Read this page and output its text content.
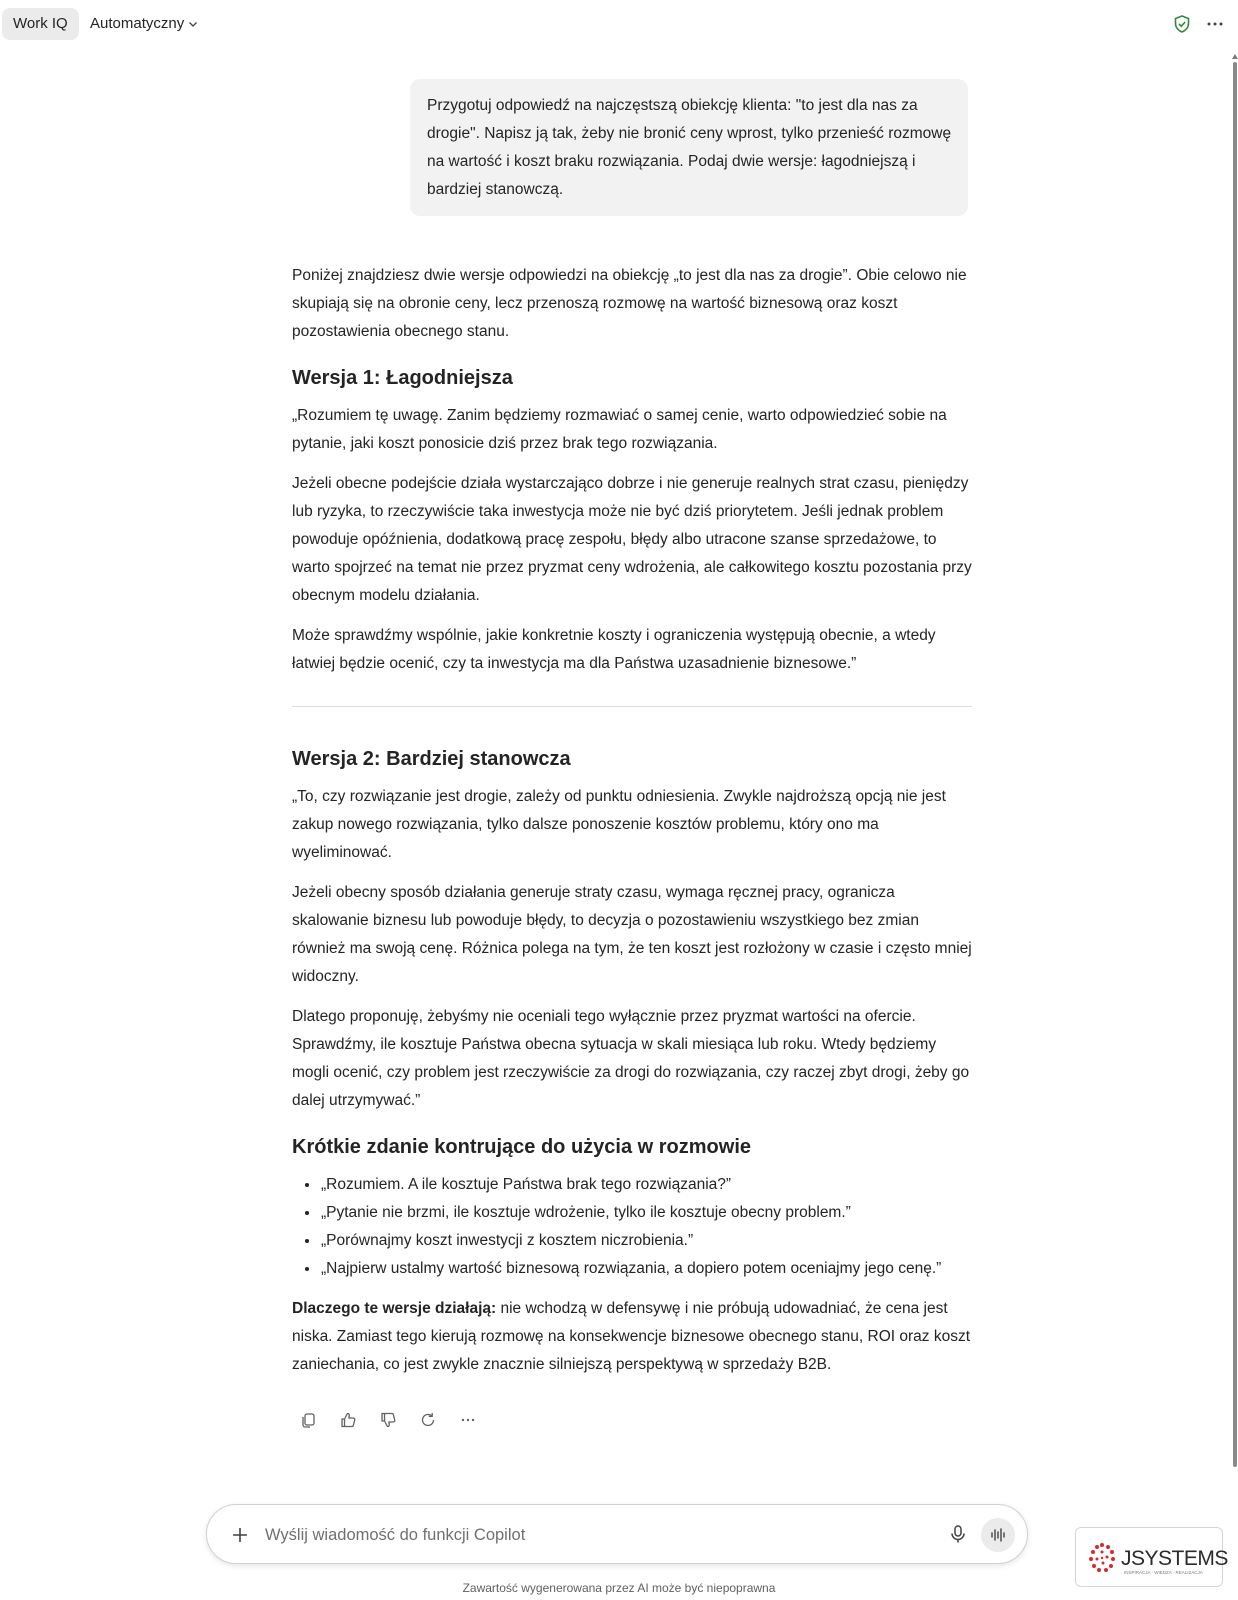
Work IQ	Automatyczny
Przygotuj odpowiedź na najczęstszą obiekcję klienta: "to jest dla nas za drogie". Napisz ją tak, żeby nie bronić ceny wprost, tylko przenieść rozmowę na wartość i koszt braku rozwiązania. Podaj dwie wersje: łagodniejszą i bardziej stanowczą.

Poniżej znajdziesz dwie wersje odpowiedzi na obiekcję „to jest dla nas za drogie”. Obie celowo nie skupiają się na obronie ceny, lecz przenoszą rozmowę na wartość biznesową oraz koszt pozostawienia obecnego stanu.

Wersja 1: Łagodniejsza

„Rozumiem tę uwagę. Zanim będziemy rozmawiać o samej cenie, warto odpowiedzieć sobie na pytanie, jaki koszt ponosicie dziś przez brak tego rozwiązania.

Jeżeli obecne podejście działa wystarczająco dobrze i nie generuje realnych strat czasu, pieniędzy lub ryzyka, to rzeczywiście taka inwestycja może nie być dziś priorytetem. Jeśli jednak problem powoduje opóźnienia, dodatkową pracę zespołu, błędy albo utracone szanse sprzedażowe, to warto spojrzeć na temat nie przez pryzmat ceny wdrożenia, ale całkowitego kosztu pozostania przy obecnym modelu działania.

Może sprawdźmy wspólnie, jakie konkretnie koszty i ograniczenia występują obecnie, a wtedy łatwiej będzie ocenić, czy ta inwestycja ma dla Państwa uzasadnienie biznesowe.”

Wersja 2: Bardziej stanowcza

„To, czy rozwiązanie jest drogie, zależy od punktu odniesienia. Zwykle najdroższą opcją nie jest zakup nowego rozwiązania, tylko dalsze ponoszenie kosztów problemu, który ono ma wyeliminować.

Jeżeli obecny sposób działania generuje straty czasu, wymaga ręcznej pracy, ogranicza skalowanie biznesu lub powoduje błędy, to decyzja o pozostawieniu wszystkiego bez zmian również ma swoją cenę. Różnica polega na tym, że ten koszt jest rozłożony w czasie i często mniej widoczny.

Dlatego proponuję, żebyśmy nie oceniali tego wyłącznie przez pryzmat wartości na ofercie. Sprawdźmy, ile kosztuje Państwa obecna sytuacja w skali miesiąca lub roku. Wtedy będziemy mogli ocenić, czy problem jest rzeczywiście za drogi do rozwiązania, czy raczej zbyt drogi, żeby go dalej utrzymywać.”

Krótkie zdanie kontrujące do użycia w rozmowie
• „Rozumiem. A ile kosztuje Państwa brak tego rozwiązania?”
• „Pytanie nie brzmi, ile kosztuje wdrożenie, tylko ile kosztuje obecny problem.”
• „Porównajmy koszt inwestycji z kosztem niczrobienia.”
• „Najpierw ustalmy wartość biznesową rozwiązania, a dopiero potem oceniajmy jego cenę.”

Dlaczego te wersje działają: nie wchodzą w defensywę i nie próbują udowadniać, że cena jest niska. Zamiast tego kierują rozmowę na konsekwencje biznesowe obecnego stanu, ROI oraz koszt zaniechania, co jest zwykle znacznie silniejszą perspektywą w sprzedaży B2B.

Wyślij wiadomość do funkcji Copilot
Zawartość wygenerowana przez AI może być niepoprawna
JSYSTEMS
INSPIRACJA · WIEDZA · REALIZACJA
